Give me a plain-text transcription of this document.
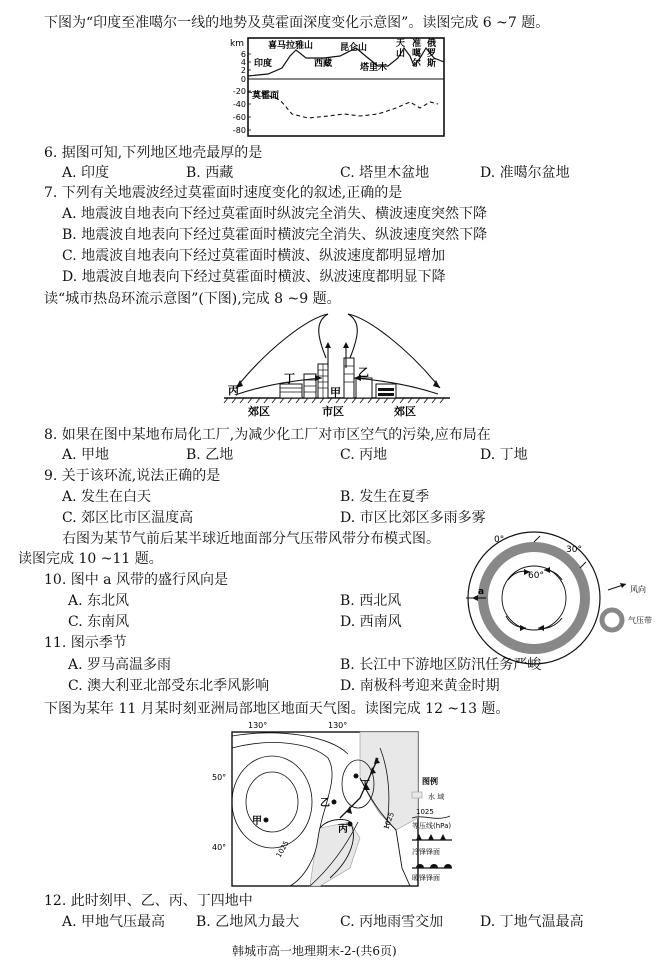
下图为“印度至准噶尔一线的地势及莫霍面深度变化示意图”。读图完成 6 ~7 题。
km
6
4
2
0
-20
-40
-60
-80
喜马拉雅山	昆仑山	天
山
准
噶
尔
俄
罗
斯
印度	西藏	塔里木
莫霍面
6. 据图可知,下列地区地壳最厚的是
A. 印度	B. 西藏	C. 塔里木盆地	D. 准噶尔盆地
7. 下列有关地震波经过莫霍面时速度变化的叙述,正确的是
A. 地震波自地表向下经过莫霍面时纵波完全消失、横波速度突然下降
B. 地震波自地表向下经过莫霍面时横波完全消失、纵波速度突然下降
C. 地震波自地表向下经过莫霍面时横波、纵波速度都明显增加
D. 地震波自地表向下经过莫霍面时横波、纵波速度都明显下降
读“城市热岛环流示意图”(下图),完成 8 ~9 题。
丙
丁
甲
乙
郊区	市区	郊区
8. 如果在图中某地布局化工厂,为减少化工厂对市区空气的污染,应布局在
A. 甲地	B. 乙地	C. 丙地	D. 丁地
9. 关于该环流,说法正确的是
A. 发生在白天	B. 发生在夏季
C. 郊区比市区温度高	D. 市区比郊区多雨多雾
右图为某节气前后某半球近地面部分气压带风带分布模式图。
读图完成 10 ~11 题。
0°
30°
60°
a	风向
气压带
10. 图中 a 风带的盛行风向是
A. 东北风	B. 西北风
C. 东南风	D. 西南风
11. 图示季节
A. 罗马高温多雨	B. 长江中下游地区防汛任务严峻
C. 澳大利亚北部受东北季风影响	D. 南极科考迎来黄金时期
下图为某年 11 月某时刻亚洲局部地区地面天气图。读图完成 12 ~13 题。
130°	130°
50°
40°
甲
乙
丙
丁
1025
1025
图例
水 域
1025
等压线(hPa)
冷锋锋面
暖锋锋面
12. 此时刻甲、乙、丙、丁四地中
A. 甲地气压最高 B. 乙地风力最大	C. 丙地雨雪交加	D. 丁地气温最高
韩城市高一地理期末-2-(共6页)
